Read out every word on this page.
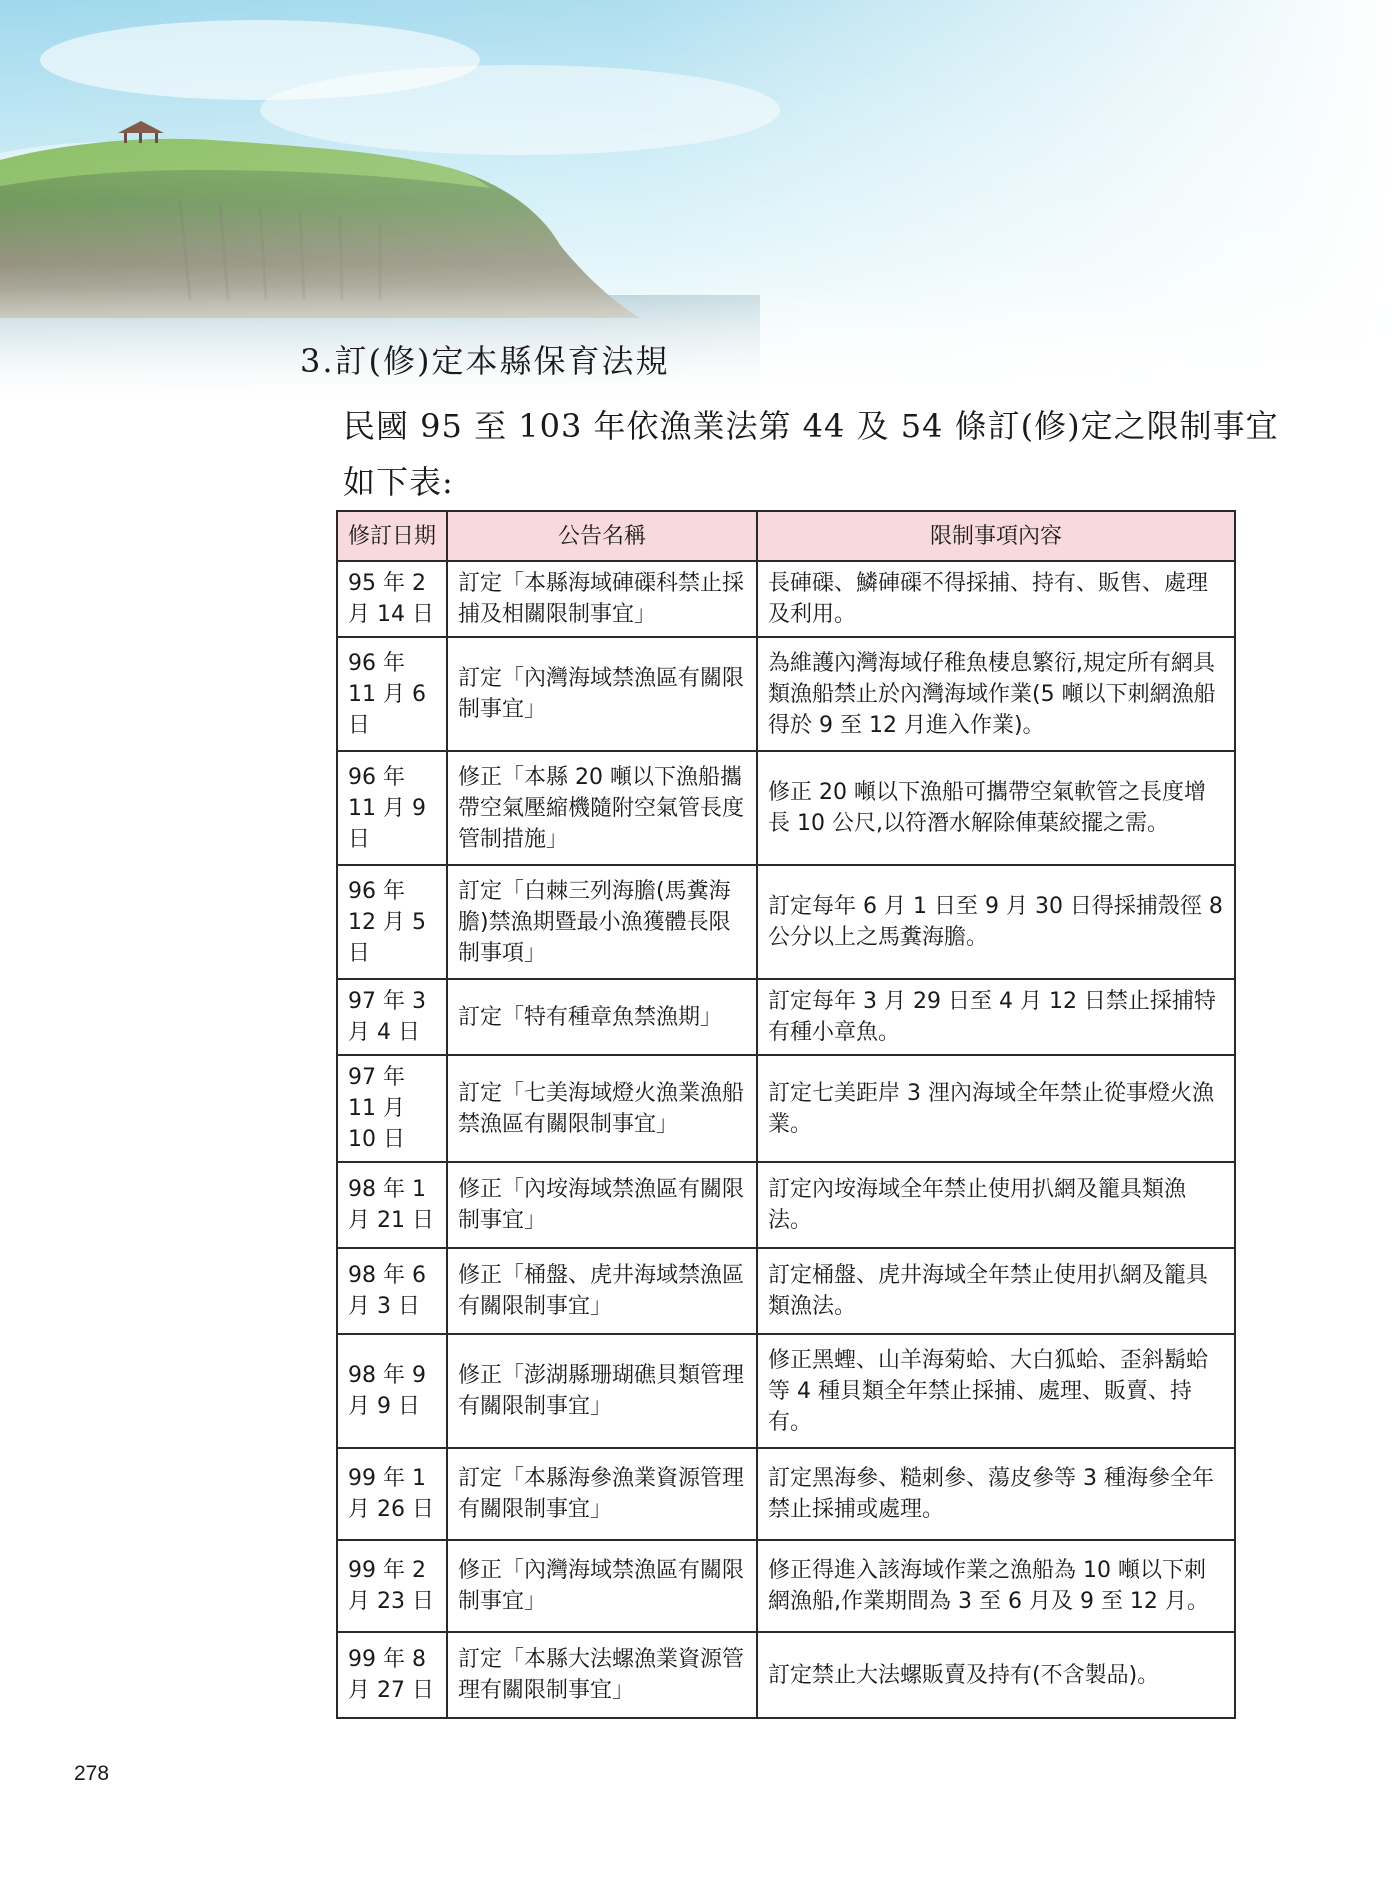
3.訂(修)定本縣保育法規
民國 95 至 103 年依漁業法第 44 及 54 條訂(修)定之限制事宜
如下表:
修訂日期	公告名稱	限制事項內容
95 年 2 月 14 日	訂定「本縣海域硨磲科禁止採捕及相關限制事宜」	長硨磲、鱗硨磲不得採捕、持有、販售、處理及利用。
96 年 11 月 6 日	訂定「內灣海域禁漁區有關限制事宜」	為維護內灣海域仔稚魚棲息繁衍,規定所有網具類漁船禁止於內灣海域作業(5 噸以下刺網漁船得於 9 至 12 月進入作業)。
96 年 11 月 9 日	修正「本縣 20 噸以下漁船攜帶空氣壓縮機隨附空氣管長度管制措施」	修正 20 噸以下漁船可攜帶空氣軟管之長度增長 10 公尺,以符潛水解除俥葉絞擺之需。
96 年 12 月 5 日	訂定「白棘三列海膽(馬糞海膽)禁漁期暨最小漁獲體長限制事項」	訂定每年 6 月 1 日至 9 月 30 日得採捕殼徑 8 公分以上之馬糞海膽。
97 年 3 月 4 日	訂定「特有種章魚禁漁期」	訂定每年 3 月 29 日至 4 月 12 日禁止採捕特有種小章魚。
97 年 11 月 10 日	訂定「七美海域燈火漁業漁船禁漁區有關限制事宜」	訂定七美距岸 3 浬內海域全年禁止從事燈火漁業。
98 年 1 月 21 日	修正「內垵海域禁漁區有關限制事宜」	訂定內垵海域全年禁止使用扒網及籠具類漁法。
98 年 6 月 3 日	修正「桶盤、虎井海域禁漁區有關限制事宜」	訂定桶盤、虎井海域全年禁止使用扒網及籠具類漁法。
98 年 9 月 9 日	修正「澎湖縣珊瑚礁貝類管理有關限制事宜」	修正黑蟶、山羊海菊蛤、大白狐蛤、歪斜鬍蛤等 4 種貝類全年禁止採捕、處理、販賣、持有。
99 年 1 月 26 日	訂定「本縣海參漁業資源管理有關限制事宜」	訂定黑海參、糙刺參、蕩皮參等 3 種海參全年禁止採捕或處理。
99 年 2 月 23 日	修正「內灣海域禁漁區有關限制事宜」	修正得進入該海域作業之漁船為 10 噸以下刺網漁船,作業期間為 3 至 6 月及 9 至 12 月。
99 年 8 月 27 日	訂定「本縣大法螺漁業資源管理有關限制事宜」	訂定禁止大法螺販賣及持有(不含製品)。
278
